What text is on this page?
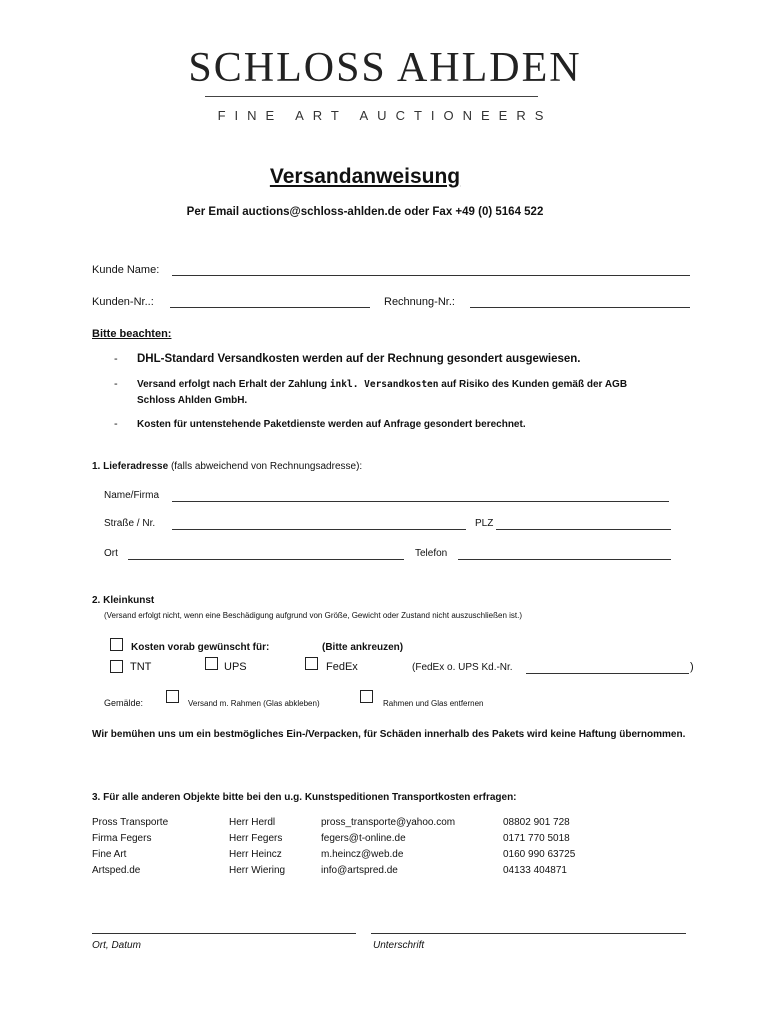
SCHLOSS AHLDEN
FINE ART AUCTIONEERS
Versandanweisung
Per Email auctions@schloss-ahlden.de oder Fax +49 (0) 5164 522
Kunde Name:
Kunden-Nr..:	Rechnung-Nr.:
Bitte beachten:
- DHL-Standard Versandkosten werden auf der Rechnung gesondert ausgewiesen.
- Versand erfolgt nach Erhalt der Zahlung inkl. Versandkosten auf Risiko des Kunden gemäß der AGB
Schloss Ahlden GmbH.
- Kosten für untenstehende Paketdienste werden auf Anfrage gesondert berechnet.
1. Lieferadresse (falls abweichend von Rechnungsadresse):
Name/Firma
Straße / Nr.	PLZ
Ort	Telefon
2. Kleinkunst
(Versand erfolgt nicht, wenn eine Beschädigung aufgrund von Größe, Gewicht oder Zustand nicht auszuschließen ist.)
Kosten vorab gewünscht für:	(Bitte ankreuzen)
TNT	UPS	FedEx	(FedEx o. UPS Kd.-Nr.	)
Gemälde:	Versand m. Rahmen (Glas abkleben)	Rahmen und Glas entfernen
Wir bemühen uns um ein bestmögliches Ein-/Verpacken, für Schäden innerhalb des Pakets wird keine Haftung übernommen.
3. Für alle anderen Objekte bitte bei den u.g. Kunstspeditionen Transportkosten erfragen:
Pross Transporte	Herr Herdl	pross_transporte@yahoo.com	08802 901 728
Firma Fegers	Herr Fegers	fegers@t-online.de	0171 770 5018
Fine Art	Herr Heincz	m.heincz@web.de	0160 990 63725
Artsped.de	Herr Wiering	info@artspred.de	04133 404871
Ort, Datum	Unterschrift
